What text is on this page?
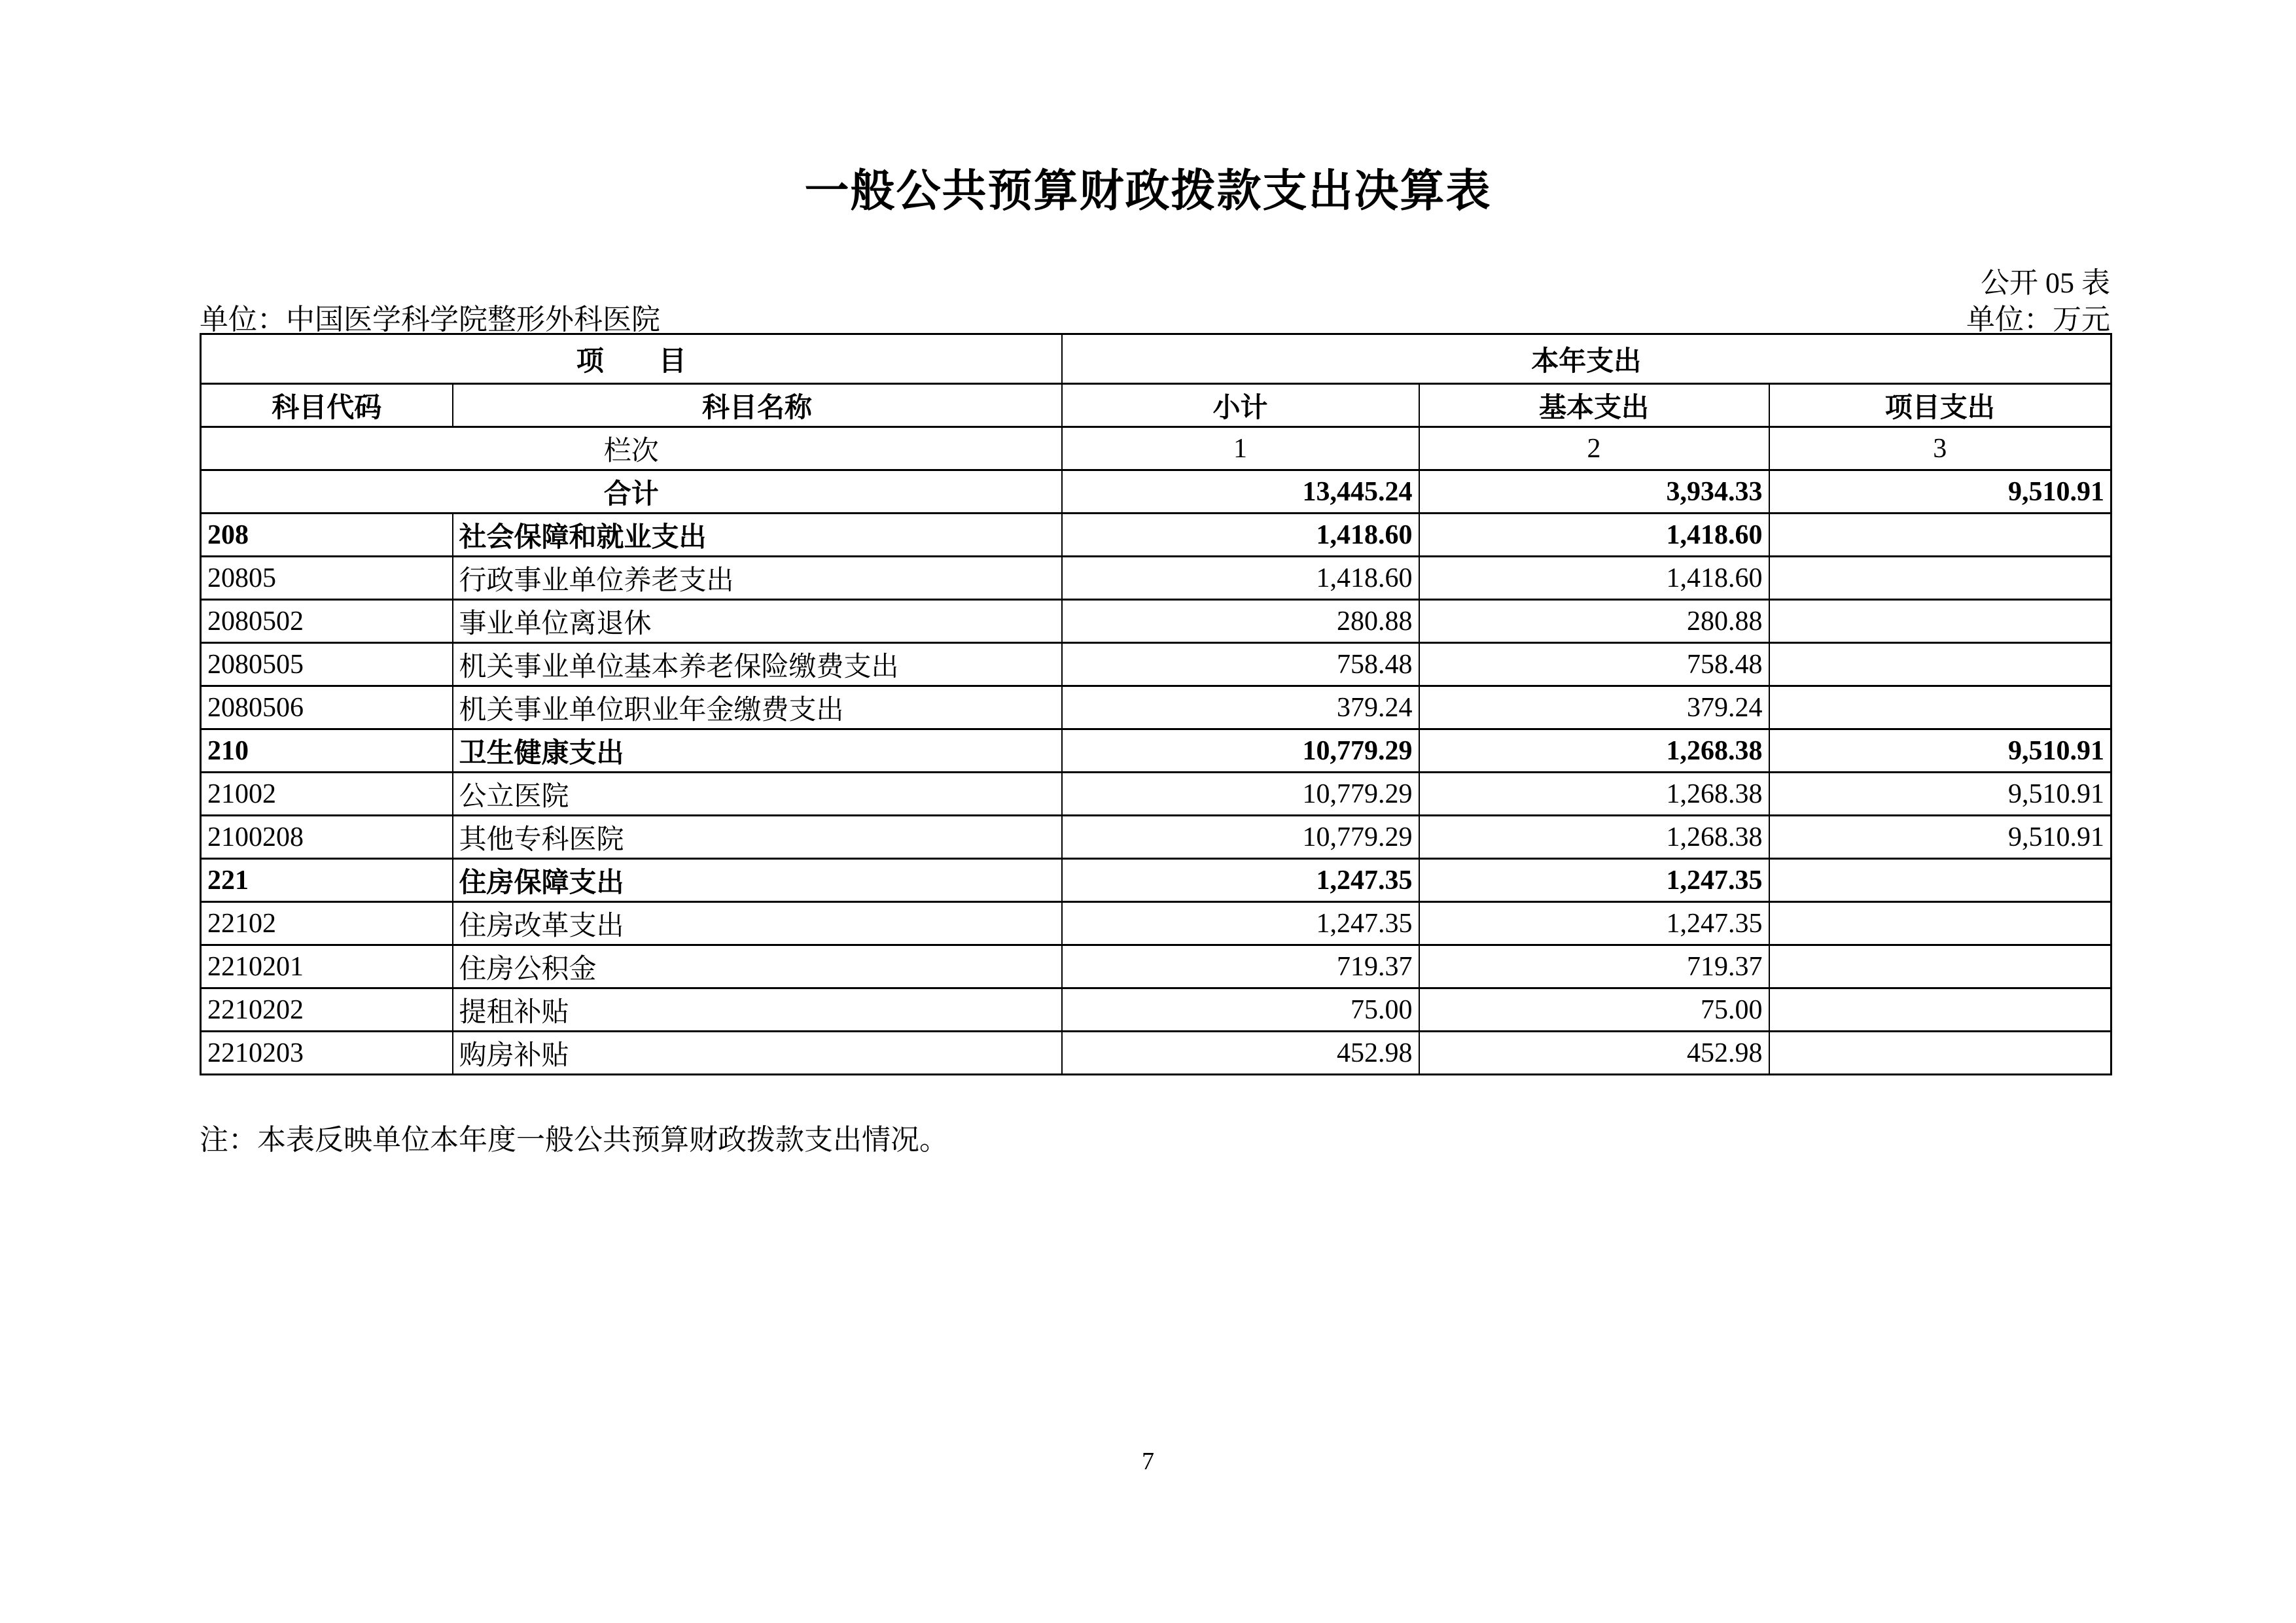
一般公共预算财政拨款支出决算表
公开 05 表
单位：中国医学科学院整形外科医院	单位：万元
项　　目		本年支出		
科目代码	科目名称	小计	基本支出	项目支出
栏次		1	2	3
合计		13,445.24	3,934.33	9,510.91
208	社会保障和就业支出	1,418.60	1,418.60	
20805	行政事业单位养老支出	1,418.60	1,418.60	
2080502	事业单位离退休	280.88	280.88	
2080505	机关事业单位基本养老保险缴费支出	758.48	758.48	
2080506	机关事业单位职业年金缴费支出	379.24	379.24	
210	卫生健康支出	10,779.29	1,268.38	9,510.91
21002	公立医院	10,779.29	1,268.38	9,510.91
2100208	其他专科医院	10,779.29	1,268.38	9,510.91
221	住房保障支出	1,247.35	1,247.35	
22102	住房改革支出	1,247.35	1,247.35	
2210201	住房公积金	719.37	719.37	
2210202	提租补贴	75.00	75.00	
2210203	购房补贴	452.98	452.98	
注：本表反映单位本年度一般公共预算财政拨款支出情况。
7
